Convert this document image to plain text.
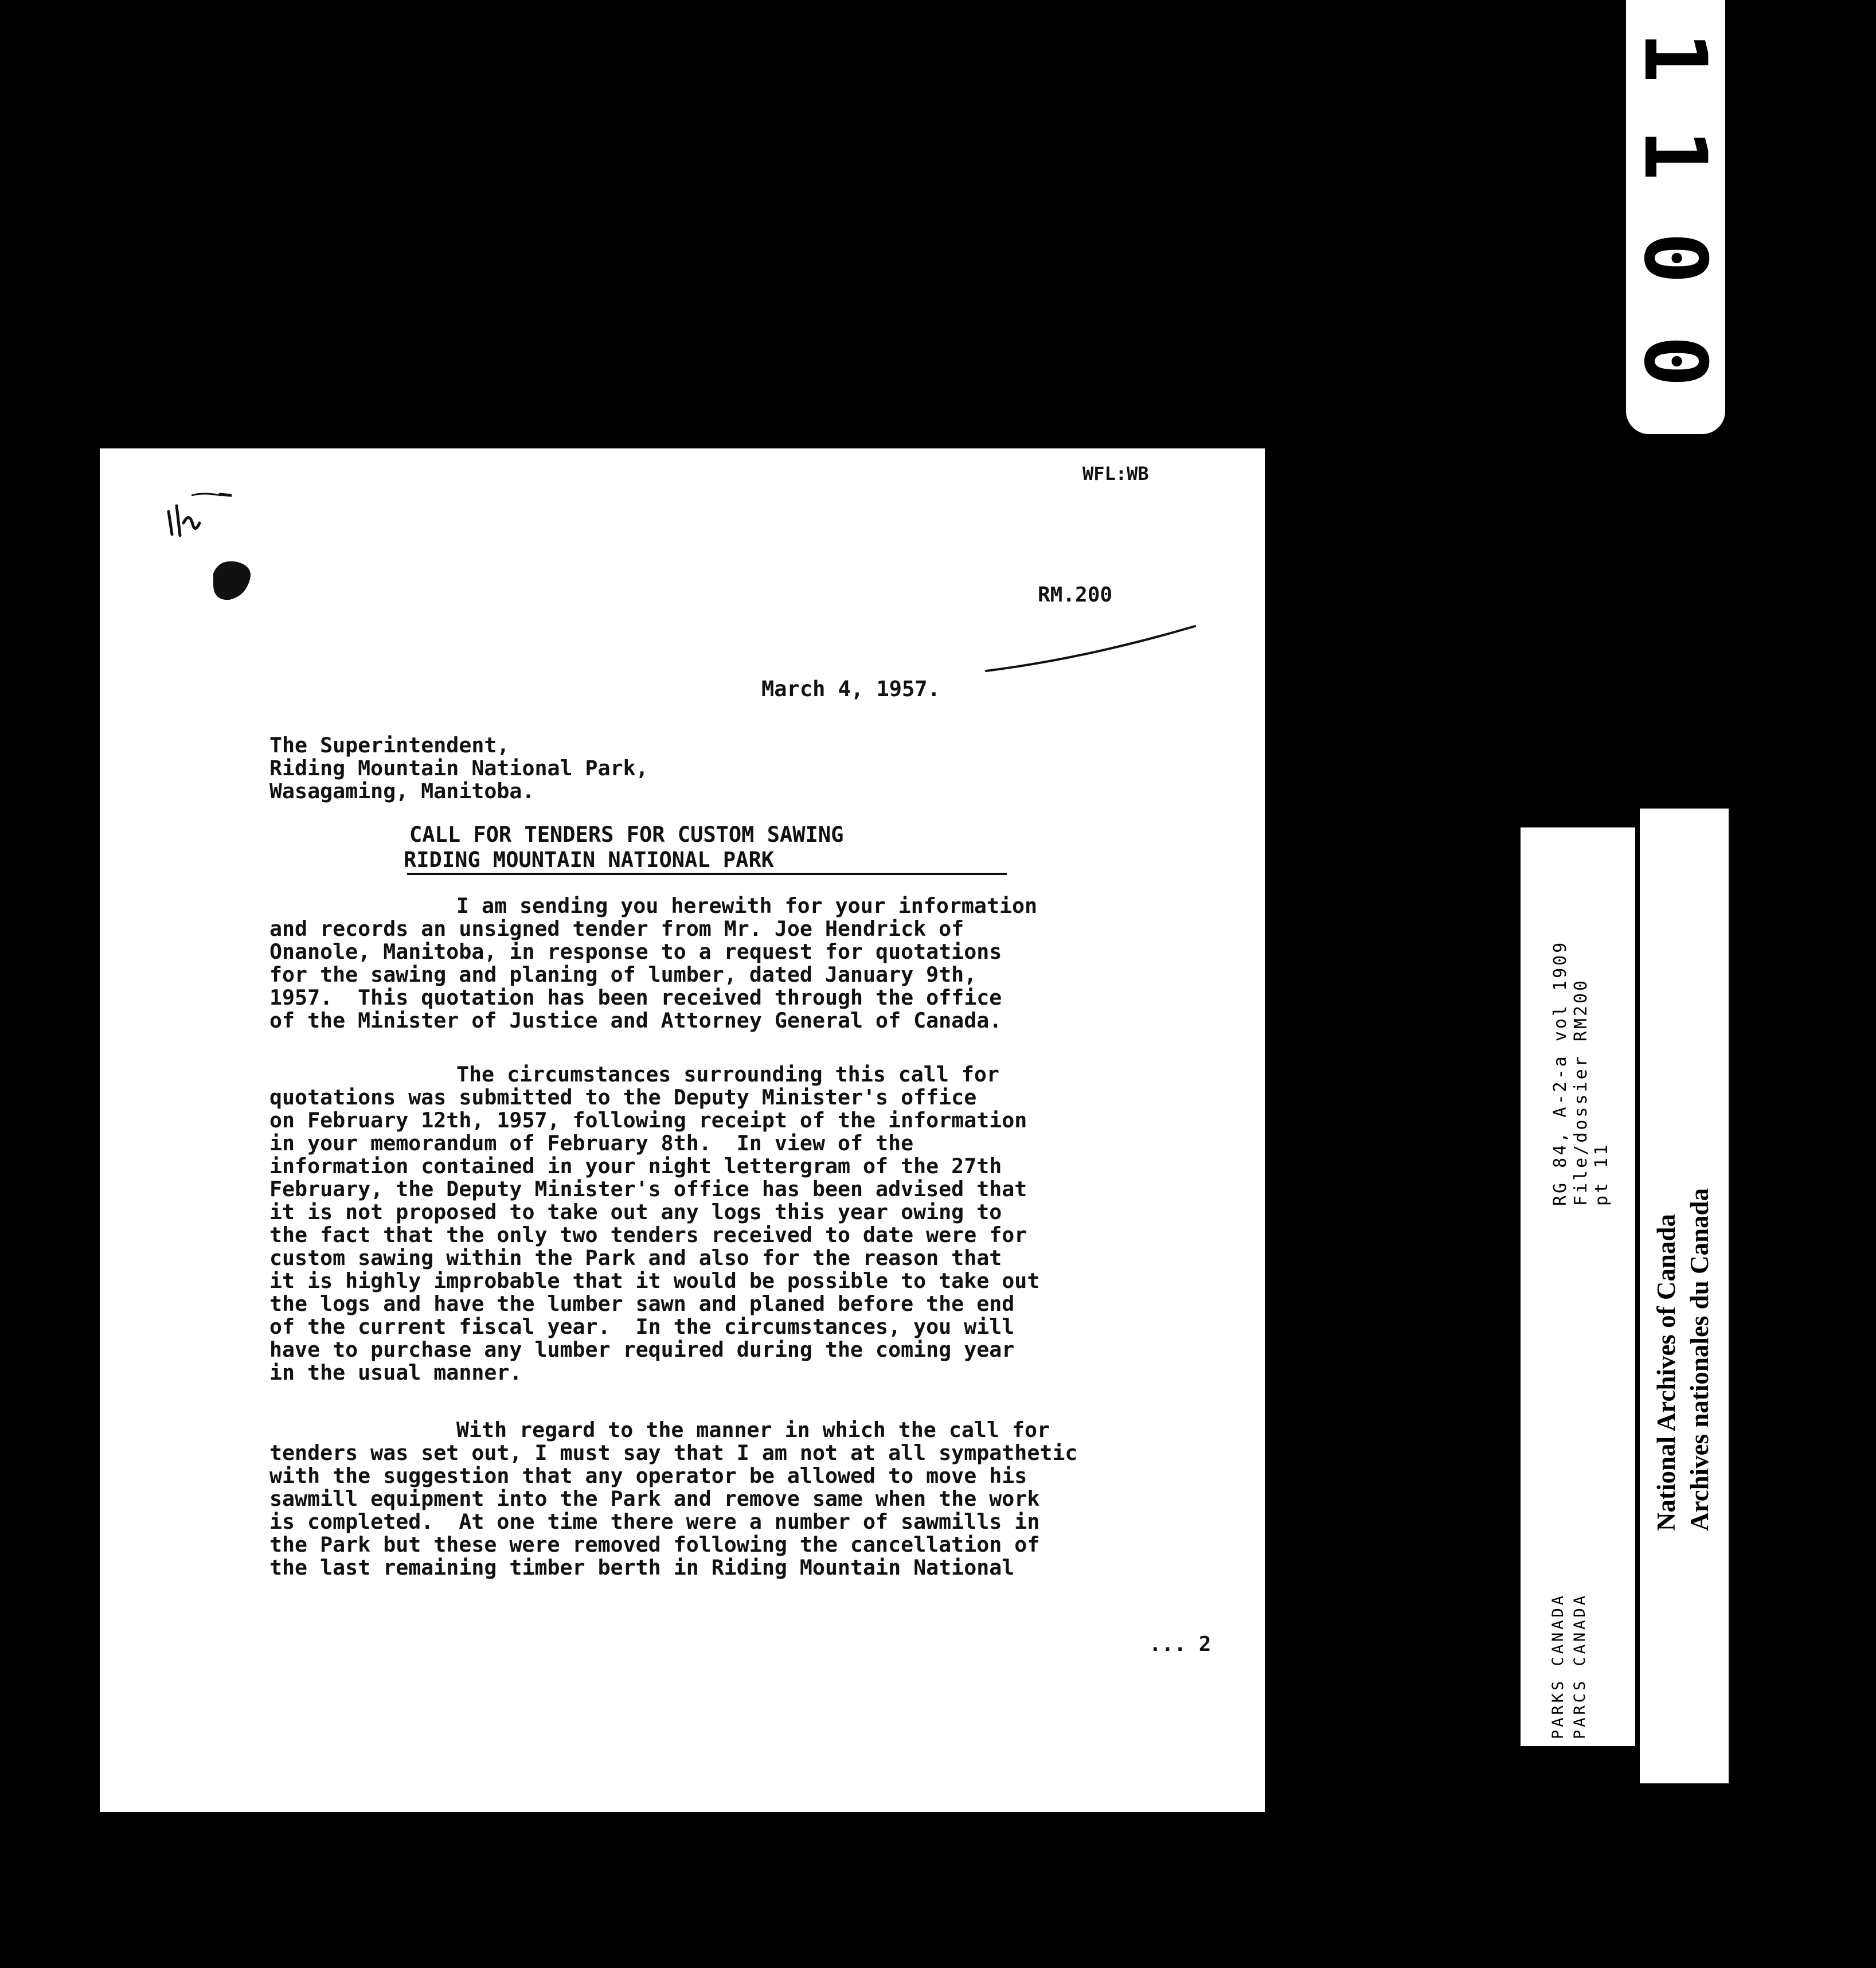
1
1
0
0
RG 84, A-2-a vol 1909 File/dossier RM200 pt 11
PARKS CANADA PARCS CANADA
National Archives of Canada Archives nationales du Canada
WFL:WB
RM.200
March 4, 1957.
The Superintendent,
Riding Mountain National Park,
Wasagaming, Manitoba.
CALL FOR TENDERS FOR CUSTOM SAWING
RIDING MOUNTAIN NATIONAL PARK
I am sending you herewith for your information
and records an unsigned tender from Mr. Joe Hendrick of
Onanole, Manitoba, in response to a request for quotations
for the sawing and planing of lumber, dated January 9th,
1957.  This quotation has been received through the office
of the Minister of Justice and Attorney General of Canada.
The circumstances surrounding this call for
quotations was submitted to the Deputy Minister's office
on February 12th, 1957, following receipt of the information
in your memorandum of February 8th.  In view of the
information contained in your night lettergram of the 27th
February, the Deputy Minister's office has been advised that
it is not proposed to take out any logs this year owing to
the fact that the only two tenders received to date were for
custom sawing within the Park and also for the reason that
it is highly improbable that it would be possible to take out
the logs and have the lumber sawn and planed before the end
of the current fiscal year.  In the circumstances, you will
have to purchase any lumber required during the coming year
in the usual manner.
With regard to the manner in which the call for
tenders was set out, I must say that I am not at all sympathetic
with the suggestion that any operator be allowed to move his
sawmill equipment into the Park and remove same when the work
is completed.  At one time there were a number of sawmills in
the Park but these were removed following the cancellation of
the last remaining timber berth in Riding Mountain National
... 2
